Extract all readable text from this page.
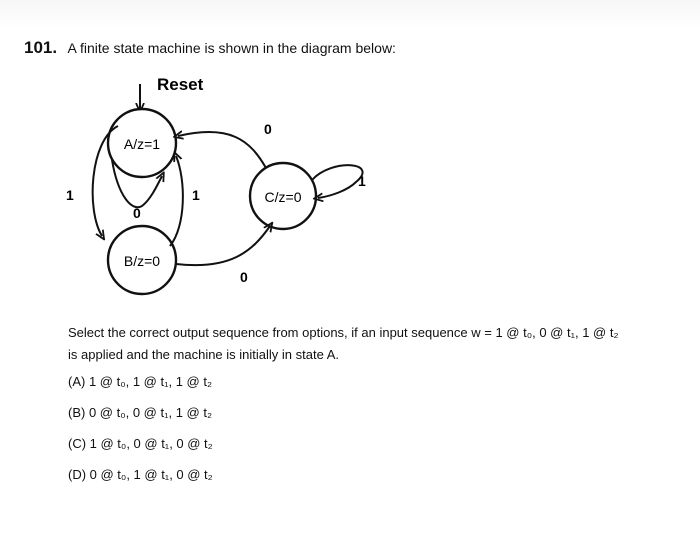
101. A finite state machine is shown in the diagram below:
Reset
A/z=1
B/z=0
C/z=0
1
0
1
0
0
1
Select the correct output sequence from options, if an input sequence w = 1 @ t₀, 0 @ t₁, 1 @ t₂
is applied and the machine is initially in state A.
(A) 1 @ t₀, 1 @ t₁, 1 @ t₂
(B) 0 @ t₀, 0 @ t₁, 1 @ t₂
(C) 1 @ t₀, 0 @ t₁, 0 @ t₂
(D) 0 @ t₀, 1 @ t₁, 0 @ t₂
